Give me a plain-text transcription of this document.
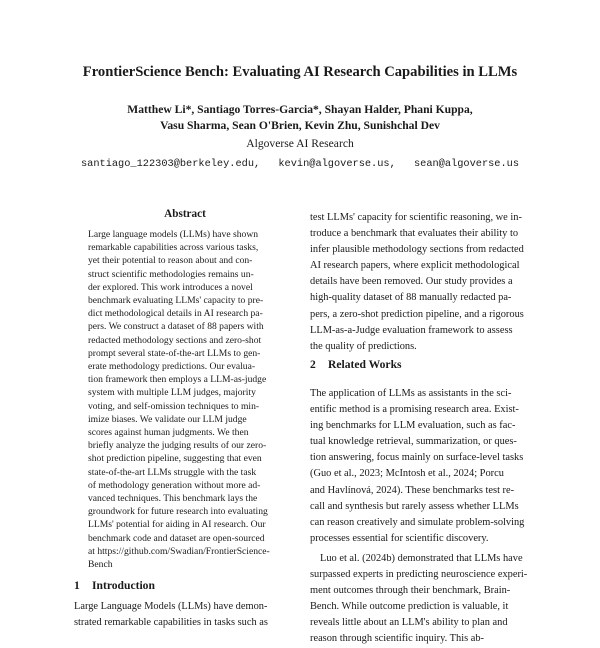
FrontierScience Bench: Evaluating AI Research Capabilities in LLMs
Matthew Li*, Santiago Torres-Garcia*, Shayan Halder, Phani Kuppa,
Vasu Sharma, Sean O'Brien, Kevin Zhu, Sunishchal Dev
Algoverse AI Research
santiago_122303@berkeley.edu, kevin@algoverse.us, sean@algoverse.us
Abstract
Large language models (LLMs) have shown
remarkable capabilities across various tasks,
yet their potential to reason about and con-
struct scientific methodologies remains un-
der explored. This work introduces a novel
benchmark evaluating LLMs' capacity to pre-
dict methodological details in AI research pa-
pers. We construct a dataset of 88 papers with
redacted methodology sections and zero-shot
prompt several state-of-the-art LLMs to gen-
erate methodology predictions. Our evalua-
tion framework then employs a LLM-as-judge
system with multiple LLM judges, majority
voting, and self-omission techniques to min-
imize biases. We validate our LLM judge
scores against human judgments. We then
briefly analyze the judging results of our zero-
shot prediction pipeline, suggesting that even
state-of-the-art LLMs struggle with the task
of methodology generation without more ad-
vanced techniques. This benchmark lays the
groundwork for future research into evaluating
LLMs' potential for aiding in AI research. Our
benchmark code and dataset are open-sourced
at https://github.com/Swadian/FrontierScience-
Bench
1 Introduction
Large Language Models (LLMs) have demon-
strated remarkable capabilities in tasks such as
test LLMs' capacity for scientific reasoning, we in-
troduce a benchmark that evaluates their ability to
infer plausible methodology sections from redacted
AI research papers, where explicit methodological
details have been removed. Our study provides a
high-quality dataset of 88 manually redacted pa-
pers, a zero-shot prediction pipeline, and a rigorous
LLM-as-a-Judge evaluation framework to assess
the quality of predictions.
2 Related Works
The application of LLMs as assistants in the sci-
entific method is a promising research area. Exist-
ing benchmarks for LLM evaluation, such as fac-
tual knowledge retrieval, summarization, or ques-
tion answering, focus mainly on surface-level tasks
(Guo et al., 2023; McIntosh et al., 2024; Porcu
and Havlínová, 2024). These benchmarks test re-
call and synthesis but rarely assess whether LLMs
can reason creatively and simulate problem-solving
processes essential for scientific discovery.
Luo et al. (2024b) demonstrated that LLMs have
surpassed experts in predicting neuroscience experi-
ment outcomes through their benchmark, Brain-
Bench. While outcome prediction is valuable, it
reveals little about an LLM's ability to plan and
reason through scientific inquiry. This ab-
